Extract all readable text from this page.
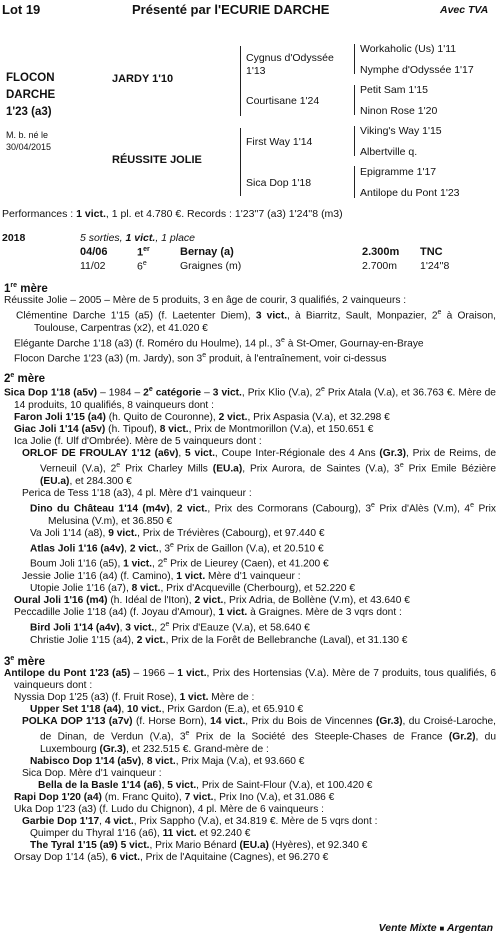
Lot 19	Présenté par l'ECURIE DARCHE	Avec TVA
FLOCON
DARCHE
1'23 (a3)
M. b. né le
30/04/2015
JARDY 1'10
RÉUSSITE JOLIE
Cygnus d'Odyssée
1'13
Courtisane 1'24
First Way 1'14
Sica Dop 1'18
Workaholic (Us) 1'11
Nymphe d'Odyssée 1'17
Petit Sam 1'15
Ninon Rose 1'20
Viking's Way 1'15
Albertville q.
Epigramme 1'17
Antilope du Pont 1'23
Performances : 1 vict., 1 pl. et 4.780 €. Records : 1'23''7 (a3) 1'24''8 (m3)
2018	5 sorties, 1 vict., 1 place
04/06	1er	Bernay (a)	2.300m TNC
11/02	6e	Graignes (m)	2.700m 1'24''8

1re mère

Réussite Jolie – 2005 – Mère de 5 produits, 3 en âge de courir, 3 qualifiés, 2 vainqueurs :

Clémentine Darche 1'15 (a5) (f. Laetenter Diem), 3 vict., à Biarritz, Sault, Monpazier, 2e à Oraison, Toulouse, Carpentras (x2), et 41.020 €

Elégante Darche 1'18 (a3) (f. Roméro du Houlme), 14 pl., 3e à St-Omer, Gournay-en-Braye

Flocon Darche 1'23 (a3) (m. Jardy), son 3e produit, à l'entraînement, voir ci-dessus

2e mère

Sica Dop 1'18 (a5v) – 1984 – 2e catégorie – 3 vict., Prix Klio (V.a), 2e Prix Atala (V.a), et 36.763 €. Mère de 14 produits, 10 qualifiés, 8 vainqueurs dont :

Faron Joli 1'15 (a4) (h. Quito de Couronne), 2 vict., Prix Aspasia (V.a), et 32.298 €

Giac Joli 1'14 (a5v) (h. Tipouf), 8 vict., Prix de Montmorillon (V.a), et 150.651 €

Ica Jolie (f. Ulf d'Ombrée). Mère de 5 vainqueurs dont :

ORLOF DE FROULAY 1'12 (a6v), 5 vict., Coupe Inter-Régionale des 4 Ans (Gr.3), Prix de Reims, de Verneuil (V.a), 2e Prix Charley Mills (EU.a), Prix Aurora, de Saintes (V.a), 3e Prix Emile Bézière (EU.a), et 284.300 €

Perica de Tess 1'18 (a3), 4 pl. Mère d'1 vainqueur :

Dino du Château 1'14 (m4v), 2 vict., Prix des Cormorans (Cabourg), 3e Prix d'Alès (V.m), 4e Prix Melusina (V.m), et 36.850 €

Va Joli 1'14 (a8), 9 vict., Prix de Trévières (Cabourg), et 97.440 €

Atlas Joli 1'16 (a4v), 2 vict., 3e Prix de Gaillon (V.a), et 20.510 €

Boum Joli 1'16 (a5), 1 vict., 2e Prix de Lieurey (Caen), et 41.200 €

Jessie Jolie 1'16 (a4) (f. Camino), 1 vict. Mère d'1 vainqueur :

Utopie Jolie 1'16 (a7), 8 vict., Prix d'Acqueville (Cherbourg), et 52.220 €

Oural Joli 1'16 (m4) (h. Idéal de l'Iton), 2 vict., Prix Adria, de Bollène (V.m), et 43.640 €

Peccadille Jolie 1'18 (a4) (f. Joyau d'Amour), 1 vict. à Graignes. Mère de 3 vqrs dont :

Bird Joli 1'14 (a4v), 3 vict., 2e Prix d'Eauze (V.a), et 58.640 €

Christie Jolie 1'15 (a4), 2 vict., Prix de la Forêt de Bellebranche (Laval), et 31.130 €

3e mère

Antilope du Pont 1'23 (a5) – 1966 – 1 vict., Prix des Hortensias (V.a). Mère de 7 produits, tous qualifiés, 6 vainqueurs dont :

Nyssia Dop 1'25 (a3) (f. Fruit Rose), 1 vict. Mère de :

Upper Set 1'18 (a4), 10 vict., Prix Gardon (E.a), et 65.910 €

POLKA DOP 1'13 (a7v) (f. Horse Born), 14 vict., Prix du Bois de Vincennes (Gr.3), du Croisé-Laroche, de Dinan, de Verdun (V.a), 3e Prix de la Société des Steeple-Chases de France (Gr.2), du Luxembourg (Gr.3), et 232.515 €. Grand-mère de :

Nabisco Dop 1'14 (a5v), 8 vict., Prix Maja (V.a), et 93.660 €

Sica Dop. Mère d'1 vainqueur :

Bella de la Basle 1'14 (a6), 5 vict., Prix de Saint-Flour (V.a), et 100.420 €

Rapi Dop 1'20 (a4) (m. Franc Quito), 7 vict., Prix Ino (V.a), et 31.086 €

Uka Dop 1'23 (a3) (f. Ludo du Chignon), 4 pl. Mère de 6 vainqueurs :

Garbie Dop 1'17, 4 vict., Prix Sappho (V.a), et 34.819 €. Mère de 5 vqrs dont :

Quimper du Thyral 1'16 (a6), 11 vict. et 92.240 €

The Tyral 1'15 (a9) 5 vict., Prix Mario Bénard (EU.a) (Hyères), et 92.340 €

Orsay Dop 1'14 (a5), 6 vict., Prix de l'Aquitaine (Cagnes), et 96.270 €

Vente Mixte ■ Argentan
